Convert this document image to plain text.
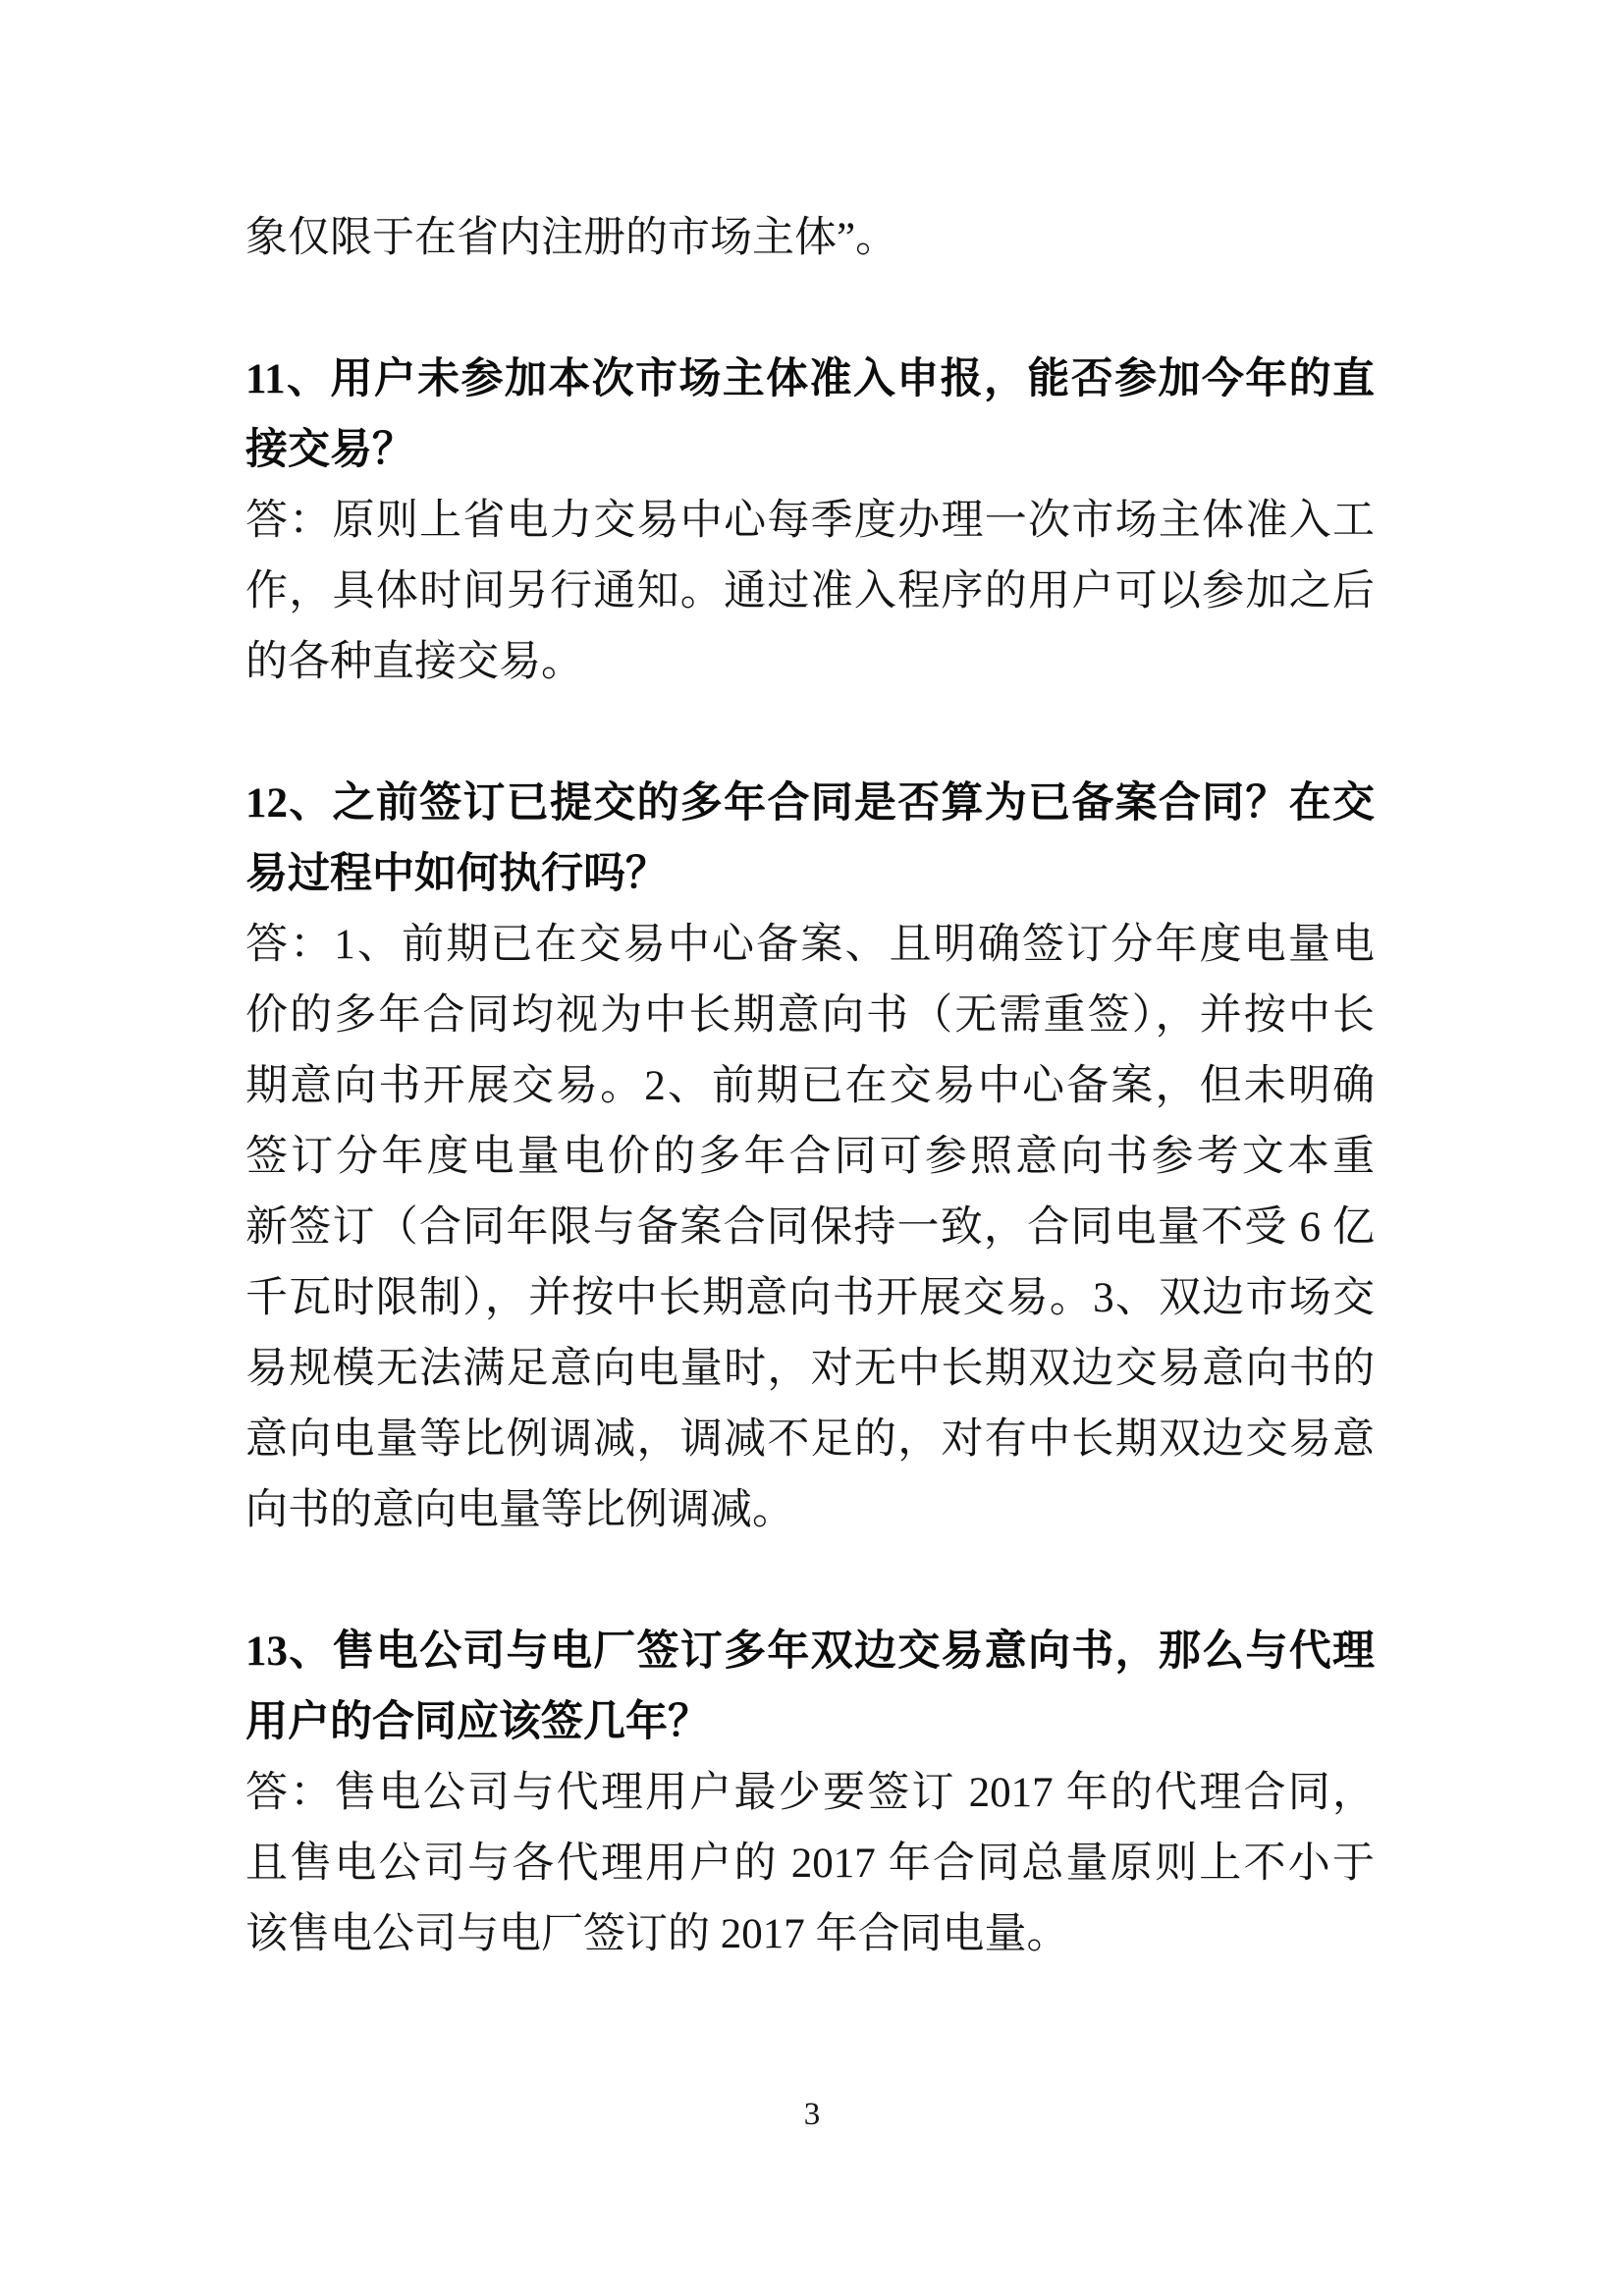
象仅限于在省内注册的市场主体”。
11、用户未参加本次市场主体准入申报，能否参加今年的直
接交易？
答：原则上省电力交易中心每季度办理一次市场主体准入工
作，具体时间另行通知。通过准入程序的用户可以参加之后
的各种直接交易。
12、之前签订已提交的多年合同是否算为已备案合同？在交
易过程中如何执行吗？
答：1、前期已在交易中心备案、且明确签订分年度电量电
价的多年合同均视为中长期意向书（无需重签），并按中长
期意向书开展交易。2、前期已在交易中心备案，但未明确
签订分年度电量电价的多年合同可参照意向书参考文本重
新签订（合同年限与备案合同保持一致，合同电量不受 6 亿
千瓦时限制），并按中长期意向书开展交易。3、双边市场交
易规模无法满足意向电量时，对无中长期双边交易意向书的
意向电量等比例调减，调减不足的，对有中长期双边交易意
向书的意向电量等比例调减。
13、售电公司与电厂签订多年双边交易意向书，那么与代理
用户的合同应该签几年？
答：售电公司与代理用户最少要签订 2017 年的代理合同，
且售电公司与各代理用户的 2017 年合同总量原则上不小于
该售电公司与电厂签订的 2017 年合同电量。
3
